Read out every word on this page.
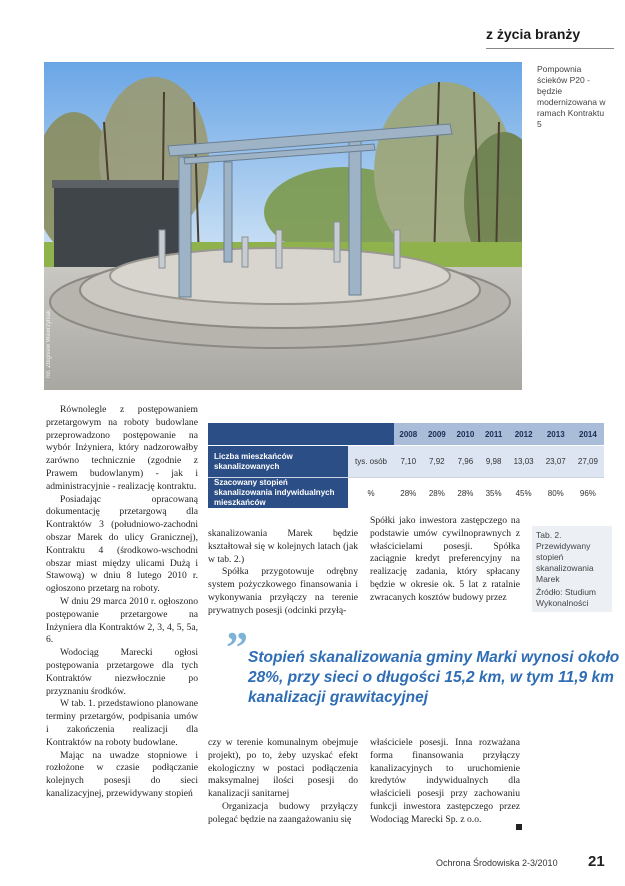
z życia branży
fot. Zbigniew Wawrzyniak
Pompownia ścieków P20 - będzie modernizowana w ramach Kontraktu 5

Równolegle z postępowaniem przetargowym na roboty budowlane przeprowadzono postępowanie na wybór Inżyniera, który nadzorowałby zarówno technicznie (zgodnie z Prawem budowlanym) - jak i administracyjnie - realizację kontraktu.

Posiadając opracowaną dokumentację przetargową dla Kontraktów 3 (południowo-zachodni obszar Marek do ulicy Granicznej), Kontraktu 4 (środkowo-wschodni obszar miast między ulicami Dużą i Stawową) w dniu 8 lutego 2010 r. ogłoszono przetarg na roboty.

W dniu 29 marca 2010 r. ogłoszono postępowanie przetargowe na Inżyniera dla Kontraktów 2, 3, 4, 5, 5a, 6.

Wodociąg Marecki ogłosi postępowania przetargowe dla tych Kontraktów niezwłocznie po przyznaniu środków.

W tab. 1. przedstawiono planowane terminy przetargów, podpisania umów i zakończenia realizacji dla Kontraktów na roboty budowlane.

Mając na uwadze stopniowe i rozłożone w czasie podłączanie kolejnych posesji do sieci kanalizacyjnej, przewidywany stopień

		2008	2009	2010	2011	2012	2013	2014
Liczba mieszkańców skanalizowanych	tys. osób	7,10	7,92	7,96	9,98	13,03	23,07	27,09
Szacowany stopień skanalizowania indywidualnych mieszkańców	%	28%	28%	28%	35%	45%	80%	96%

skanalizowania Marek będzie kształtował się w kolejnych latach (jak w tab. 2.)

Spółka przygotowuje odrębny system pożyczkowego finansowania i wykonywania przyłączy na terenie prywatnych posesji (odcinki przyłą-

Spółki jako inwestora zastępczego na podstawie umów cywilnoprawnych z właścicielami posesji. Spółka zaciągnie kredyt preferencyjny na realizację zadania, który spłacany będzie w okresie ok. 5 lat z ratalnie zwracanych kosztów budowy przez

Tab. 2. Przewidywany stopień skanalizowania Marek
Źródło: Studium Wykonalności
” Stopień skanalizowania gminy Marki wynosi około 28%, przy sieci o długości 15,2 km, w tym 11,9 km kanalizacji grawitacyjnej

czy w terenie komunalnym obejmuje projekt), po to, żeby uzyskać efekt ekologiczny w postaci podłączenia maksymalnej ilości posesji do kanalizacji sanitarnej

Organizacja budowy przyłączy polegać będzie na zaangażowaniu się

właściciele posesji. Inna rozważana forma finansowania przyłączy kanalizacyjnych to uruchomienie kredytów indywidualnych dla właścicieli posesji przy zachowaniu funkcji inwestora zastępczego przez Wodociąg Marecki Sp. z o.o.

Ochrona Środowiska 2-3/2010 21
